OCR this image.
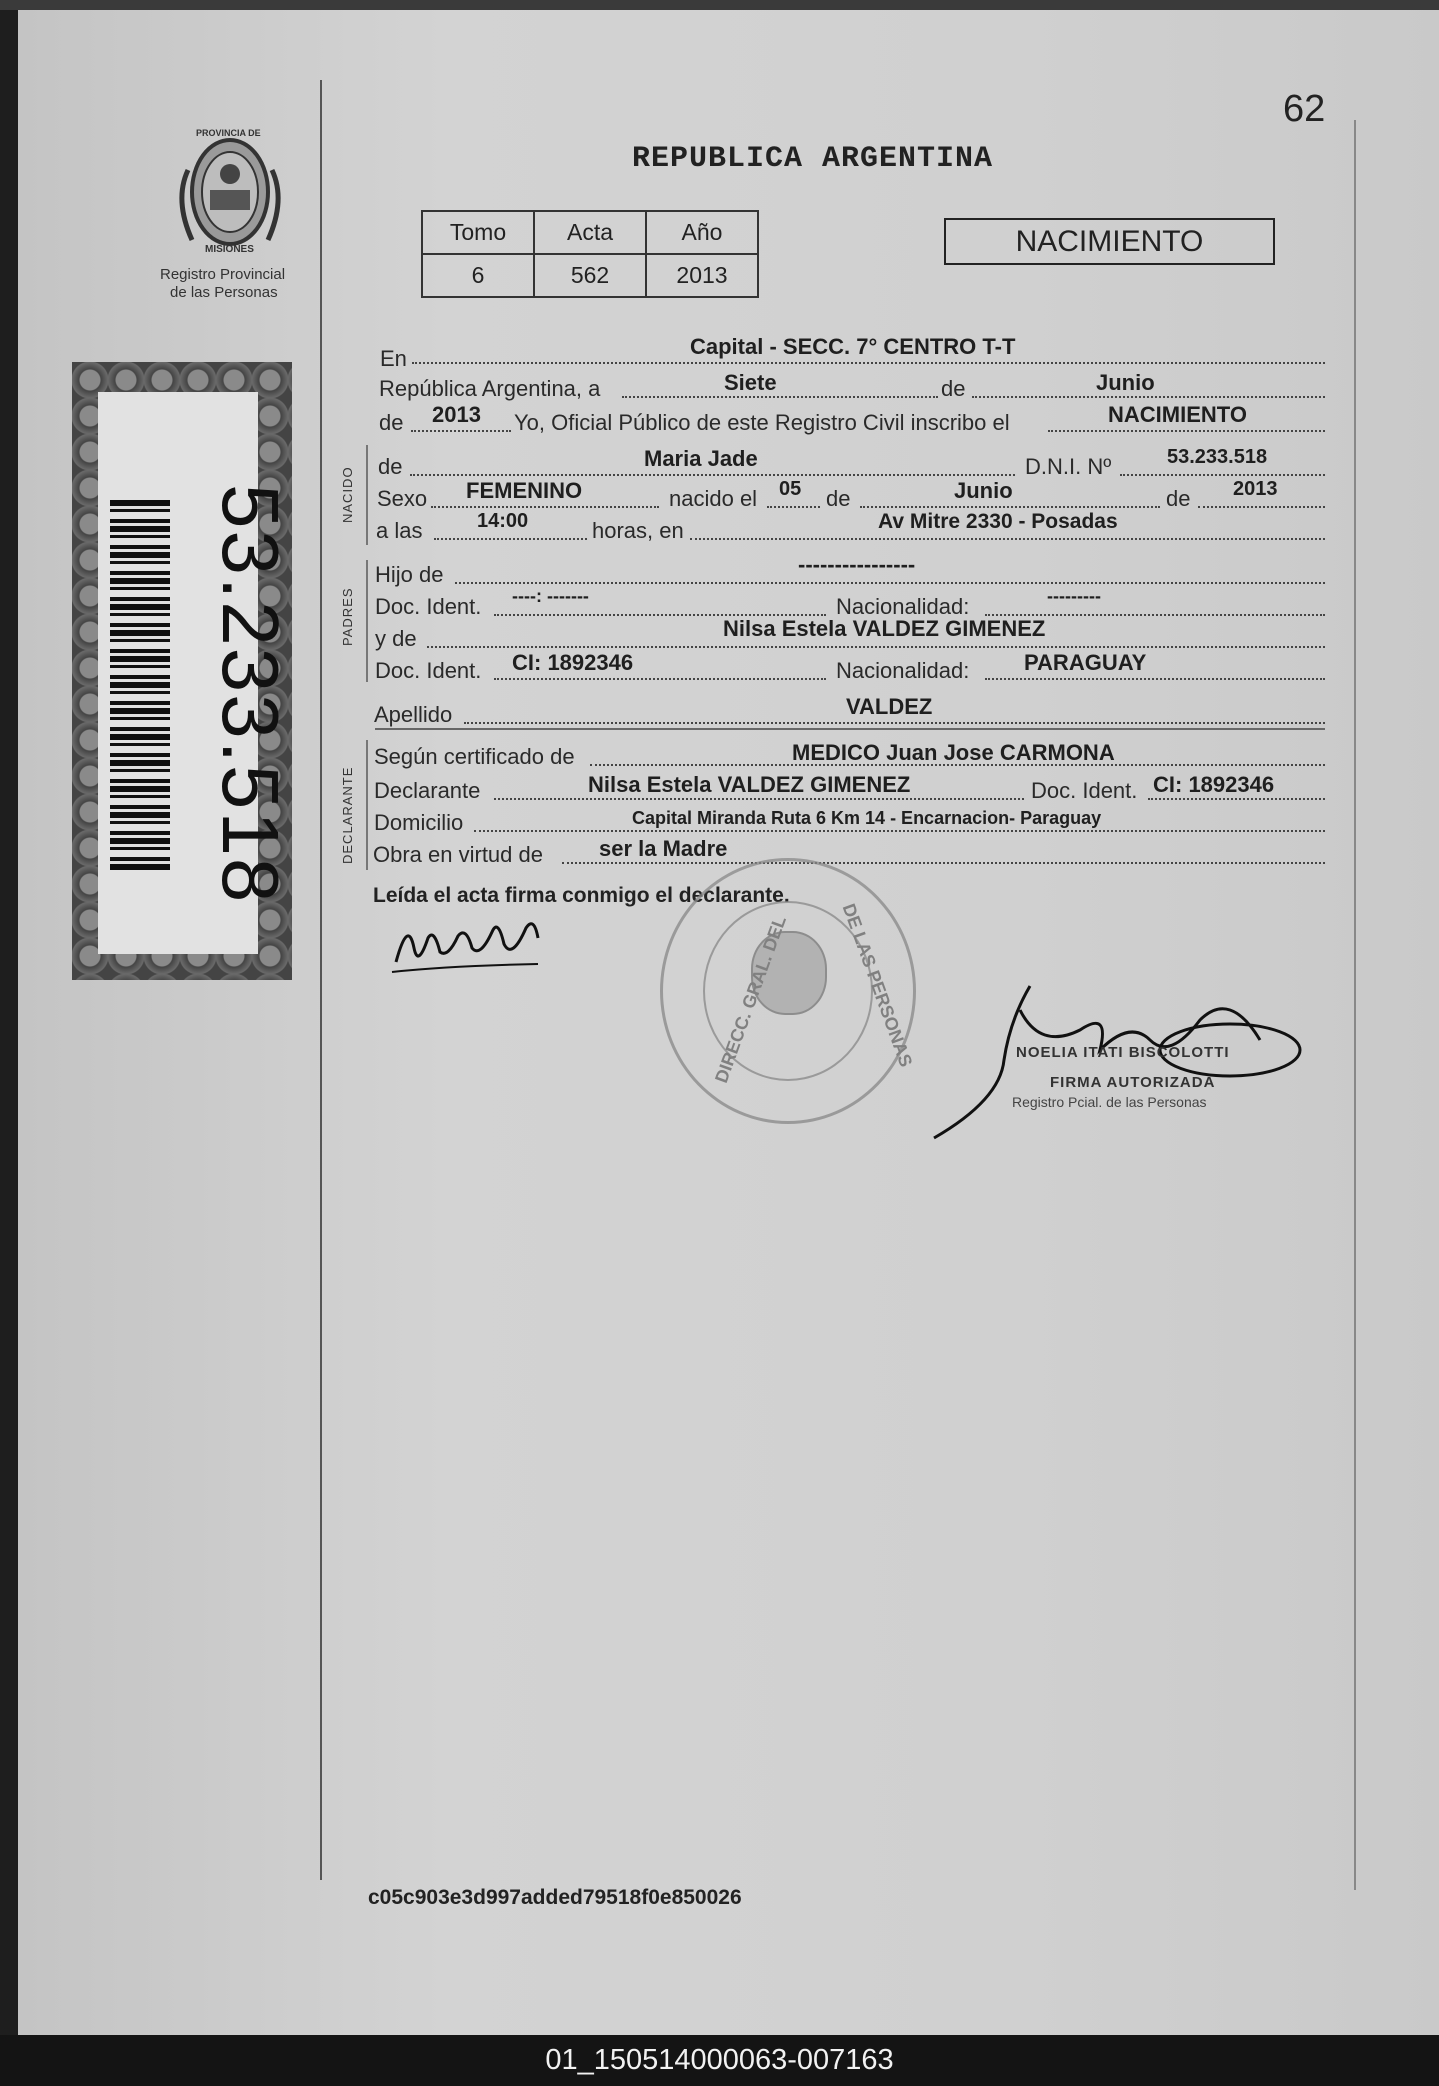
62
PROVINCIA DE
MISIONES
Registro Provincial
de las Personas
53.233.518
REPUBLICA ARGENTINA
Tomo	Acta	Año
6	562	2013
NACIMIENTO
NACIDO
PADRES
DECLARANTE
En	Capital - SECC. 7° CENTRO T-T
República Argentina, a	Siete	de	Junio
de 2013 Yo, Oficial Público de este Registro Civil inscribo el	NACIMIENTO
de	Maria Jade	D.N.I. Nº	53.233.518
Sexo FEMENINO	nacido el 05 de	Junio	de 2013
a las	14:00	horas, en	Av Mitre 2330 - Posadas
Hijo de	----------------
Doc. Ident. ----: -------	Nacionalidad:	---------
y de	Nilsa Estela VALDEZ GIMENEZ
Doc. Ident. CI: 1892346	Nacionalidad: PARAGUAY
Apellido	VALDEZ
Según certificado de	MEDICO Juan Jose CARMONA
Declarante	Nilsa Estela VALDEZ GIMENEZ	Doc. Ident. CI: 1892346
Domicilio	Capital Miranda Ruta 6 Km 14 - Encarnacion- Paraguay
Obra en virtud de	ser la Madre
Leída el acta firma conmigo el declarante.
DIRECC. GRAL. DEL	DE LAS PERSONAS	NOELIA ITATI BISCOLOTTI
FIRMA AUTORIZADA
Registro Pcial. de las Personas
c05c903e3d997added79518f0e850026
01_150514000063-007163
